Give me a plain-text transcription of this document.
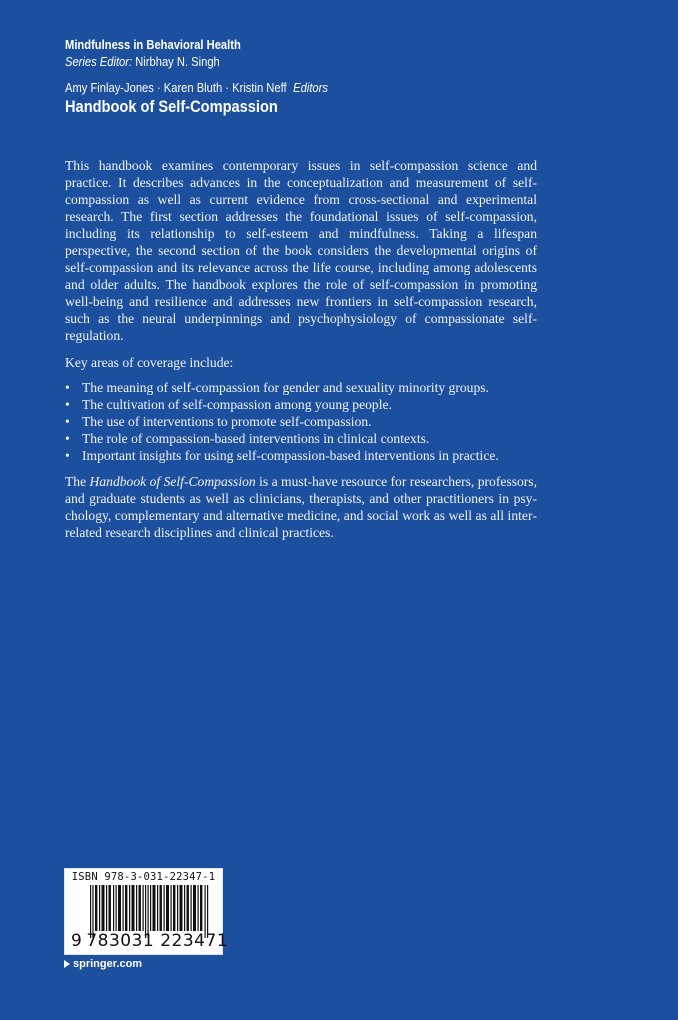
Mindfulness in Behavioral Health
Series Editor: Nirbhay N. Singh
Amy Finlay-Jones · Karen Bluth · Kristin Neff Editors
Handbook of Self-Compassion

This handbook examines contemporary issues in self-compassion science and practice. It describes advances in the conceptualization and measurement of self-compassion as well as current evidence from cross-sectional and experimental research. The first section addresses the foundational issues of self-compassion, including its relationship to self-esteem and mindfulness. Taking a lifespan perspective, the second section of the book considers the developmental origins of self-compassion and its relevance across the life course, including among adolescents and older adults. The handbook explores the role of self-compassion in promoting well-being and resilience and addresses new frontiers in self-compassion research, such as the neural underpinnings and psychophysiology of compassionate self-regulation.

Key areas of coverage include:

• The meaning of self-compassion for gender and sexuality minority groups.
• The cultivation of self-compassion among young people.
• The use of interventions to promote self-compassion.
• The role of compassion-based interventions in clinical contexts.
• Important insights for using self-compassion-based interventions in practice.

The Handbook of Self-Compassion is a must-have resource for researchers, professors, and graduate students as well as clinicians, therapists, and other practitioners in psychology, complementary and alternative medicine, and social work as well as all interrelated research disciplines and clinical practices.

ISBN 978-3-031-22347-1
9 783031 223471
springer.com
